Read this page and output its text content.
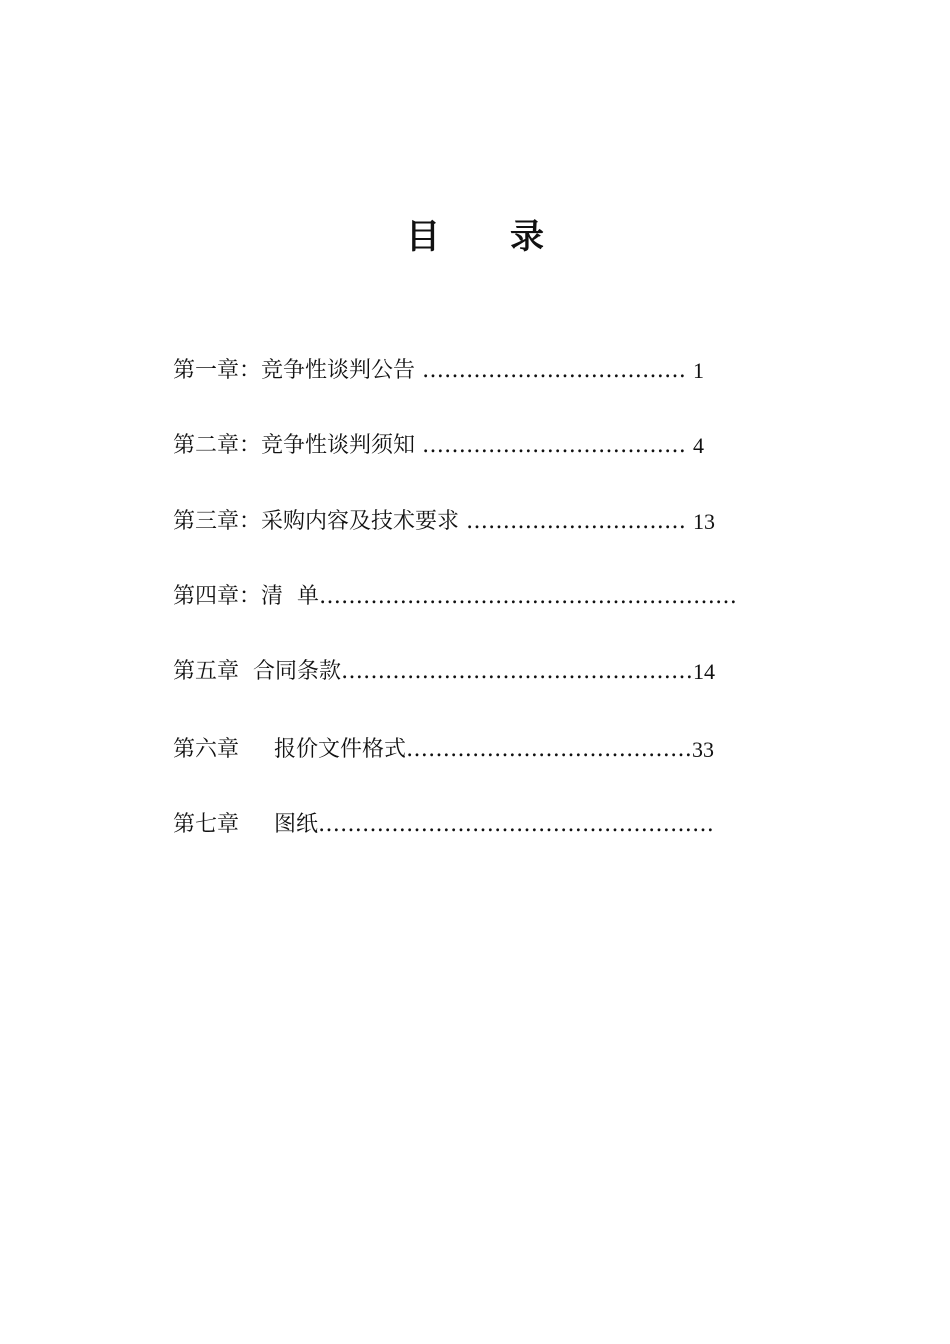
目 录

第一章：竞争性谈判公告 ……………………………… 1

第二章：竞争性谈判须知 ……………………………… 4

第三章：采购内容及技术要求 ………………………… 13

第四章：清  单…………………………………………………

第五章  合同条款…………………………………………14

第六章     报价文件格式…………………………………33

第七章     图纸………………………………………………
